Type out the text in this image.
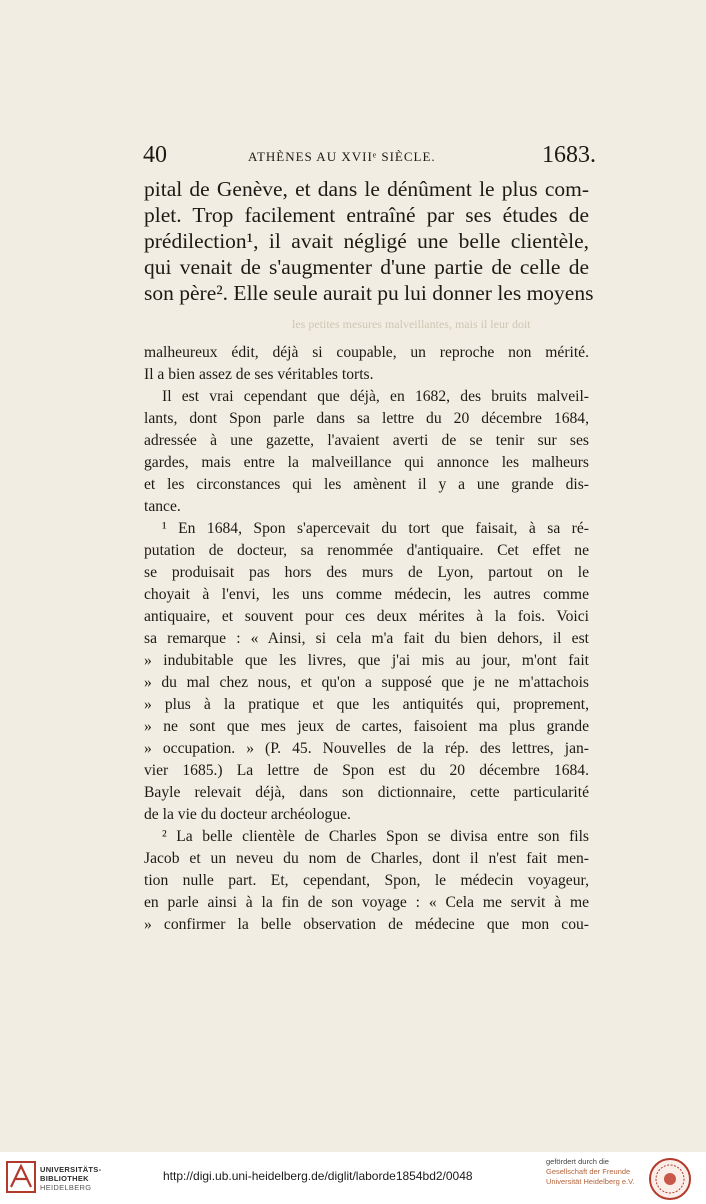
40	ATHÈNES AU XVIIᵉ SIÈCLE.	1683.
pital de Genève, et dans le dénûment le plus com-
plet. Trop facilement entraîné par ses études de
prédilection¹, il avait négligé une belle clientèle,
qui venait de s'augmenter d'une partie de celle de
son père². Elle seule aurait pu lui donner les moyens
les petites mesures malveillantes, mais il leur doit
malheureux édit, déjà si coupable, un reproche non mérité.
Il a bien assez de ses véritables torts.
Il est vrai cependant que déjà, en 1682, des bruits malveil-
lants, dont Spon parle dans sa lettre du 20 décembre 1684,
adressée à une gazette, l'avaient averti de se tenir sur ses
gardes, mais entre la malveillance qui annonce les malheurs
et les circonstances qui les amènent il y a une grande dis-
tance.
¹ En 1684, Spon s'apercevait du tort que faisait, à sa ré-
putation de docteur, sa renommée d'antiquaire. Cet effet ne
se produisait pas hors des murs de Lyon, partout on le
choyait à l'envi, les uns comme médecin, les autres comme
antiquaire, et souvent pour ces deux mérites à la fois. Voici
sa remarque : « Ainsi, si cela m'a fait du bien dehors, il est
» indubitable que les livres, que j'ai mis au jour, m'ont fait
» du mal chez nous, et qu'on a supposé que je ne m'attachois
» plus à la pratique et que les antiquités qui, proprement,
» ne sont que mes jeux de cartes, faisoient ma plus grande
» occupation. » (P. 45. Nouvelles de la rép. des lettres, jan-
vier 1685.) La lettre de Spon est du 20 décembre 1684.
Bayle relevait déjà, dans son dictionnaire, cette particularité
de la vie du docteur archéologue.
² La belle clientèle de Charles Spon se divisa entre son fils
Jacob et un neveu du nom de Charles, dont il n'est fait men-
tion nulle part. Et, cependant, Spon, le médecin voyageur,
en parle ainsi à la fin de son voyage : « Cela me servit à me
» confirmer la belle observation de médecine que mon cou-
UNIVERSITÄTS-
BIBLIOTHEK
HEIDELBERG
http://digi.ub.uni-heidelberg.de/diglit/laborde1854bd2/0048
gefördert durch die
Gesellschaft der Freunde
Universität Heidelberg e.V.
